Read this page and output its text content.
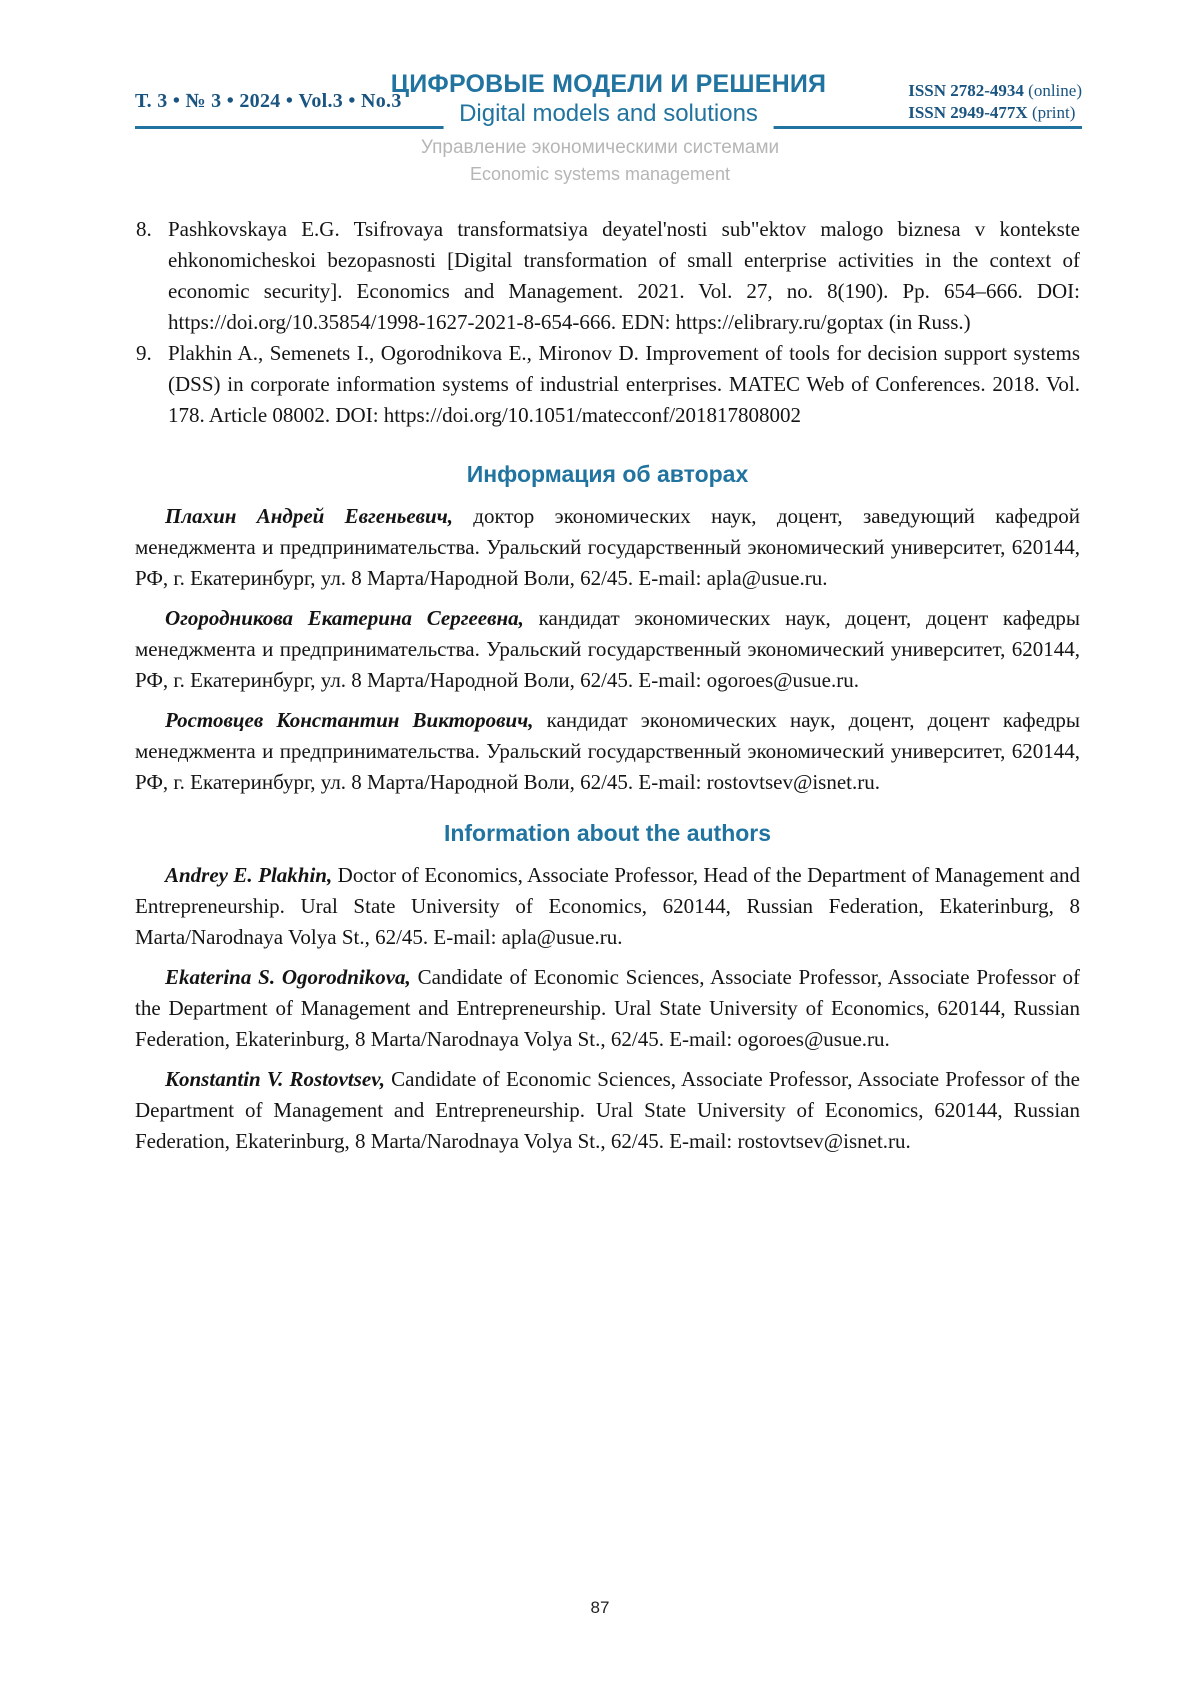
Т. 3 • № 3 • 2024 • Vol.3 • No.3
ЦИФРОВЫЕ МОДЕЛИ И РЕШЕНИЯ
Digital models and solutions
ISSN 2782-4934 (online)
ISSN 2949-477X (print)
Управление экономическими системами
Economic systems management
8. Pashkovskaya E.G. Tsifrovaya transformatsiya deyatel'nosti sub"ektov malogo biznesa v kontekste ehkonomicheskoi bezopasnosti [Digital transformation of small enterprise activities in the context of economic security]. Economics and Management. 2021. Vol. 27, no. 8(190). Pp. 654–666. DOI: https://doi.org/10.35854/1998-1627-2021-8-654-666. EDN: https://elibrary.ru/goptax (in Russ.)
9. Plakhin A., Semenets I., Ogorodnikova E., Mironov D. Improvement of tools for decision support systems (DSS) in corporate information systems of industrial enterprises. MATEC Web of Conferences. 2018. Vol. 178. Article 08002. DOI: https://doi.org/10.1051/matecconf/201817808002
Информация об авторах

Плахин Андрей Евгеньевич, доктор экономических наук, доцент, заведующий кафедрой менеджмента и предпринимательства. Уральский государственный экономический университет, 620144, РФ, г. Екатеринбург, ул. 8 Марта/Народной Воли, 62/45. E-mail: apla@usue.ru.

Огородникова Екатерина Сергеевна, кандидат экономических наук, доцент, доцент кафедры менеджмента и предпринимательства. Уральский государственный экономический университет, 620144, РФ, г. Екатеринбург, ул. 8 Марта/Народной Воли, 62/45. E-mail: ogoroes@usue.ru.

Ростовцев Константин Викторович, кандидат экономических наук, доцент, доцент кафедры менеджмента и предпринимательства. Уральский государственный экономический университет, 620144, РФ, г. Екатеринбург, ул. 8 Марта/Народной Воли, 62/45. E-mail: rostovtsev@isnet.ru.

Information about the authors

Andrey E. Plakhin, Doctor of Economics, Associate Professor, Head of the Department of Management and Entrepreneurship. Ural State University of Economics, 620144, Russian Federation, Ekaterinburg, 8 Marta/Narodnaya Volya St., 62/45. E-mail: apla@usue.ru.

Ekaterina S. Ogorodnikova, Candidate of Economic Sciences, Associate Professor, Associate Professor of the Department of Management and Entrepreneurship. Ural State University of Economics, 620144, Russian Federation, Ekaterinburg, 8 Marta/Narodnaya Volya St., 62/45. E-mail: ogoroes@usue.ru.

Konstantin V. Rostovtsev, Candidate of Economic Sciences, Associate Professor, Associate Professor of the Department of Management and Entrepreneurship. Ural State University of Economics, 620144, Russian Federation, Ekaterinburg, 8 Marta/Narodnaya Volya St., 62/45. E-mail: rostovtsev@isnet.ru.

87
